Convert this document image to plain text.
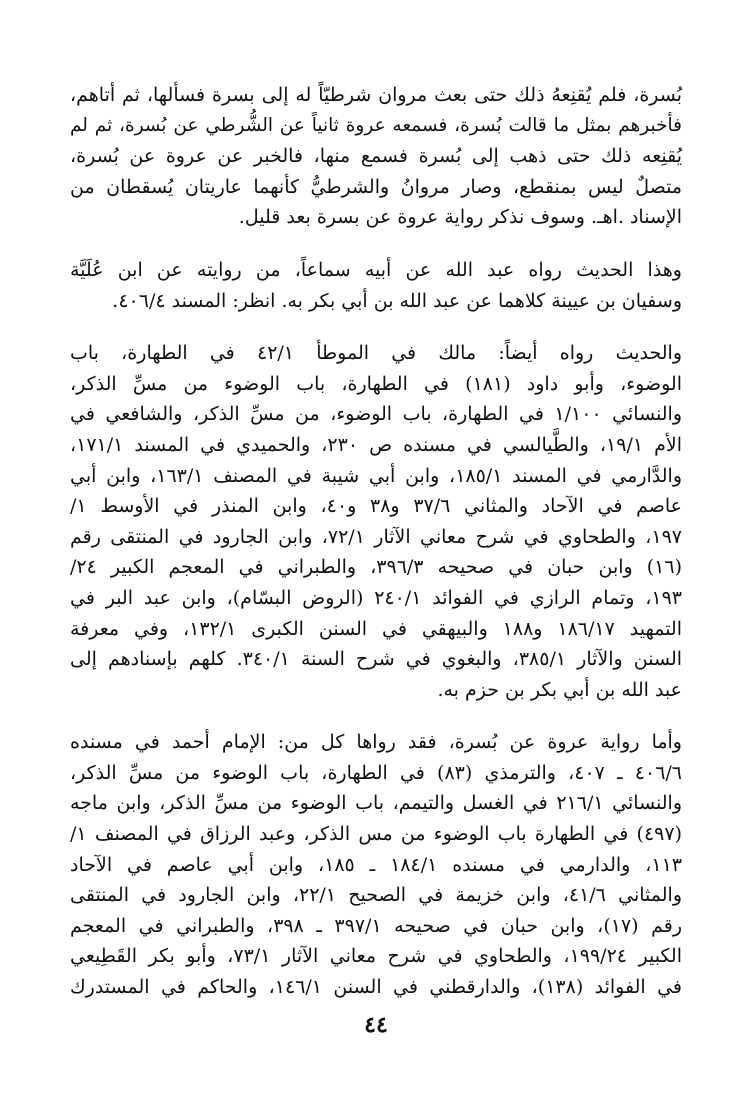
بُسرة، فلم يُقنِعهُ ذلك حتى بعث مروان شرطيّاً له إلى بسرة فسألها، ثم أتاهم،
فأخبرهم بمثل ما قالت بُسرة، فسمعه عروة ثانياً عن الشُّرطي عن بُسرة، ثم لم
يُقنِعه ذلك حتى ذهب إلى بُسرة فسمع منها، فالخبر عن عروة عن بُسرة،
متصلٌ ليس بمنقطع، وصار مروانُ والشرطيُّ كأنهما عاريتان يُسقطان من
الإسناد .اهـ. وسوف نذكر رواية عروة عن بسرة بعد قليل.
وهذا الحديث رواه عبد الله عن أبيه سماعاً، من روايته عن ابن عُلَيَّة
وسفيان بن عيينة كلاهما عن عبد الله بن أبي بكر به. انظر: المسند ٤٠٦/٤.
والحديث رواه أيضاً: مالك في الموطأ ٤٢/١ في الطهارة، باب
الوضوء، وأبو داود (١٨١) في الطهارة، باب الوضوء من مسِّ الذكر،
والنسائي ١/١٠٠ في الطهارة، باب الوضوء، من مسِّ الذكر، والشافعي في
الأم ١٩/١، والطَّيالسي في مسنده ص ٢٣٠، والحميدي في المسند ١٧١/١،
والدَّارمي في المسند ١٨٥/١، وابن أبي شيبة في المصنف ١٦٣/١، وابن أبي
عاصم في الآحاد والمثاني ٣٧/٦ و٣٨ و٤٠، وابن المنذر في الأوسط ١/
١٩٧، والطحاوي في شرح معاني الآثار ٧٢/١، وابن الجارود في المنتقى رقم
(١٦) وابن حبان في صحيحه ٣٩٦/٣، والطبراني في المعجم الكبير ٢٤/
١٩٣، وتمام الرازي في الفوائد ٢٤٠/١ (الروض البسّام)، وابن عبد البر في
التمهيد ١٨٦/١٧ و١٨٨ والبيهقي في السنن الكبرى ١٣٢/١، وفي معرفة
السنن والآثار ٣٨٥/١، والبغوي في شرح السنة ٣٤٠/١. كلهم بإسنادهم إلى
عبد الله بن أبي بكر بن حزم به.
وأما رواية عروة عن بُسرة، فقد رواها كل من: الإمام أحمد في مسنده
٤٠٦/٦ ـ ٤٠٧، والترمذي (٨٣) في الطهارة، باب الوضوء من مسِّ الذكر،
والنسائي ٢١٦/١ في الغسل والتيمم، باب الوضوء من مسِّ الذكر، وابن ماجه
(٤٩٧) في الطهارة باب الوضوء من مس الذكر، وعبد الرزاق في المصنف ١/
١١٣، والدارمي في مسنده ١٨٤/١ ـ ١٨٥، وابن أبي عاصم في الآحاد
والمثاني ٤١/٦، وابن خزيمة في الصحيح ٢٢/١، وابن الجارود في المنتقى
رقم (١٧)، وابن حبان في صحيحه ٣٩٧/١ ـ ٣٩٨، والطبراني في المعجم
الكبير ١٩٩/٢٤، والطحاوي في شرح معاني الآثار ٧٣/١، وأبو بكر القَطِيعي
في الفوائد (١٣٨)، والدارقطني في السنن ١٤٦/١، والحاكم في المستدرك
٤٤
